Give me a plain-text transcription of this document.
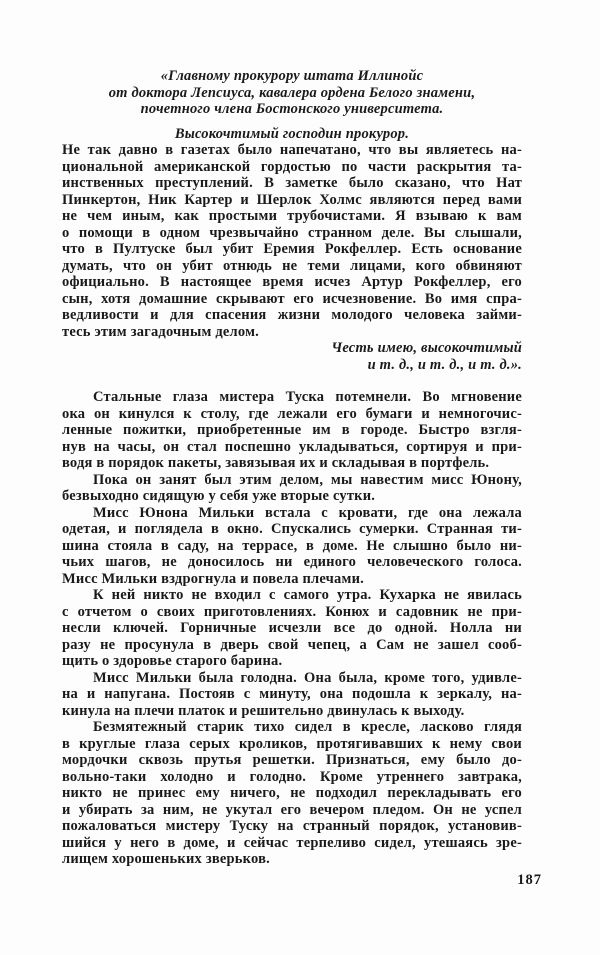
«Главному прокурору штата Иллинойс
от доктора Лепсиуса, кавалера ордена Белого знамени,
почетного члена Бостонского университета.
Высокочтимый господин прокурор.
Не так давно в газетах было напечатано, что вы являетесь на-
циональной американской гордостью по части раскрытия та-
инственных преступлений. В заметке было сказано, что Нат
Пинкертон, Ник Картер и Шерлок Холмс являются перед вами
не чем иным, как простыми трубочистами. Я взываю к вам
о помощи в одном чрезвычайно странном деле. Вы слышали,
что в Пултуске был убит Еремия Рокфеллер. Есть основание
думать, что он убит отнюдь не теми лицами, кого обвиняют
официально. В настоящее время исчез Артур Рокфеллер, его
сын, хотя домашние скрывают его исчезновение. Во имя спра-
ведливости и для спасения жизни молодого человека займи-
тесь этим загадочным делом.
Честь имею, высокочтимый
и т. д., и т. д., и т. д.».
Стальные глаза мистера Туска потемнели. Во мгновение
ока он кинулся к столу, где лежали его бумаги и немногочис-
ленные пожитки, приобретенные им в городе. Быстро взгля-
нув на часы, он стал поспешно укладываться, сортируя и при-
водя в порядок пакеты, завязывая их и складывая в портфель.
Пока он занят был этим делом, мы навестим мисс Юнону,
безвыходно сидящую у себя уже вторые сутки.
Мисс Юнона Мильки встала с кровати, где она лежала
одетая, и поглядела в окно. Спускались сумерки. Странная ти-
шина стояла в саду, на террасе, в доме. Не слышно было ни-
чьих шагов, не доносилось ни единого человеческого голоса.
Мисс Мильки вздрогнула и повела плечами.
К ней никто не входил с самого утра. Кухарка не явилась
с отчетом о своих приготовлениях. Конюх и садовник не при-
несли ключей. Горничные исчезли все до одной. Нолла ни
разу не просунула в дверь свой чепец, а Сам не зашел сооб-
щить о здоровье старого барина.
Мисс Мильки была голодна. Она была, кроме того, удивле-
на и напугана. Постояв с минуту, она подошла к зеркалу, на-
кинула на плечи платок и решительно двинулась к выходу.
Безмятежный старик тихо сидел в кресле, ласково глядя
в круглые глаза серых кроликов, протягивавших к нему свои
мордочки сквозь прутья решетки. Признаться, ему было до-
вольно-таки холодно и голодно. Кроме утреннего завтрака,
никто не принес ему ничего, не подходил перекладывать его
и убирать за ним, не укутал его вечером пледом. Он не успел
пожаловаться мистеру Туску на странный порядок, установив-
шийся у него в доме, и сейчас терпеливо сидел, утешаясь зре-
лищем хорошеньких зверьков.
187
